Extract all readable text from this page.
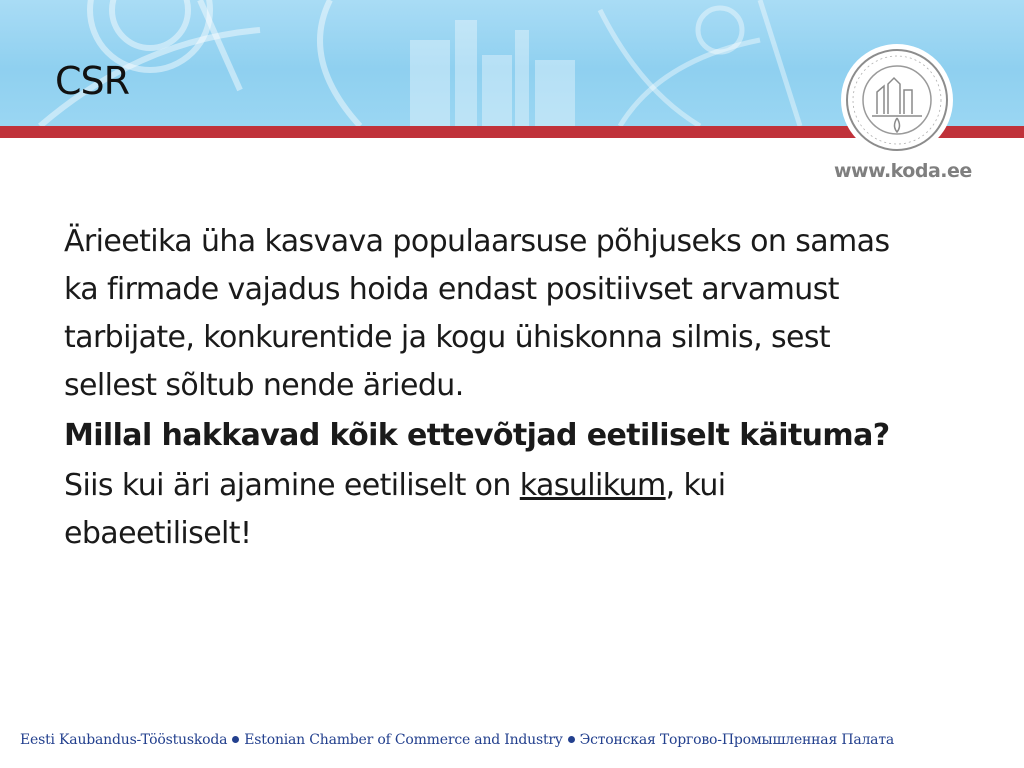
CSR
www.koda.ee

Ärieetika üha kasvava populaarsuse põhjuseks on samas ka firmade vajadus hoida endast positiivset arvamust tarbijate, konkurentide ja kogu ühiskonna silmis, sest sellest sõltub nende äriedu.

Millal hakkavad kõik ettevõtjad eetiliselt käituma?

Siis kui äri ajamine eetiliselt on kasulikum, kui ebaeetiliselt!

Eesti Kaubandus-Tööstuskoda Estonian Chamber of Commerce and Industry Эстонская Торгово-Промышленная Палата
